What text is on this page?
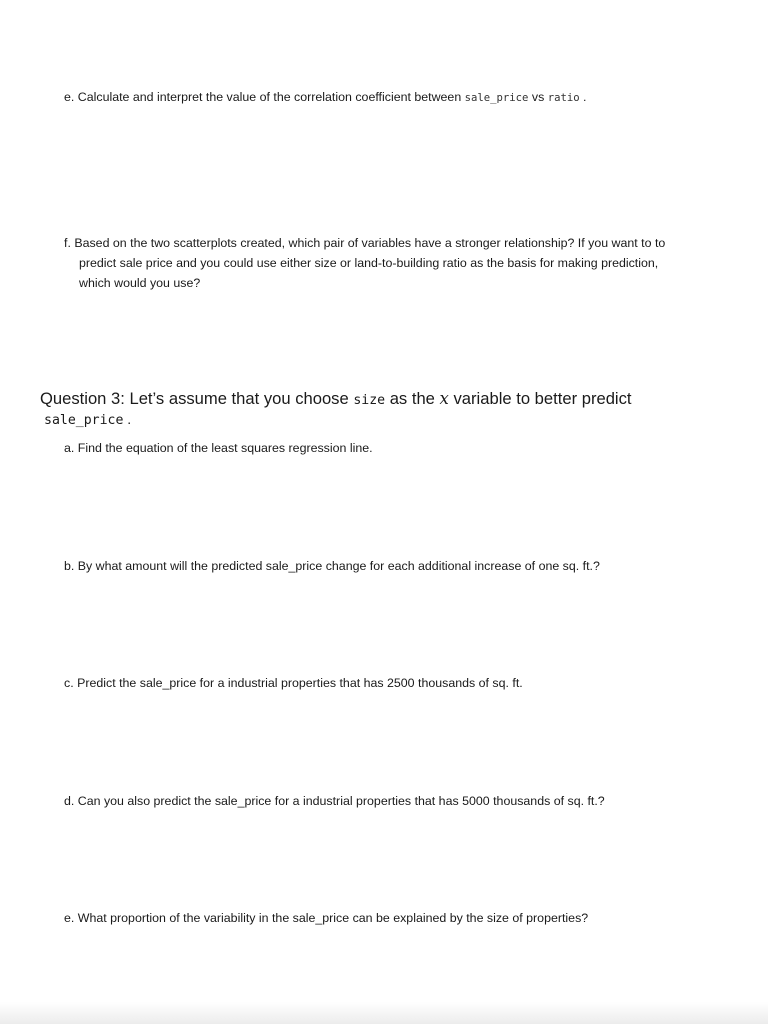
e. Calculate and interpret the value of the correlation coefficient between sale_price vs ratio .
f. Based on the two scatterplots created, which pair of variables have a stronger relationship? If you want to to
predict sale price and you could use either size or land-to-building ratio as the basis for making prediction,
which would you use?
Question 3: Let’s assume that you choose size as the x variable to better predict
sale_price .
a. Find the equation of the least squares regression line.
b. By what amount will the predicted sale_price change for each additional increase of one sq. ft.?
c. Predict the sale_price for a industrial properties that has 2500 thousands of sq. ft.
d. Can you also predict the sale_price for a industrial properties that has 5000 thousands of sq. ft.?
e. What proportion of the variability in the sale_price can be explained by the size of properties?
